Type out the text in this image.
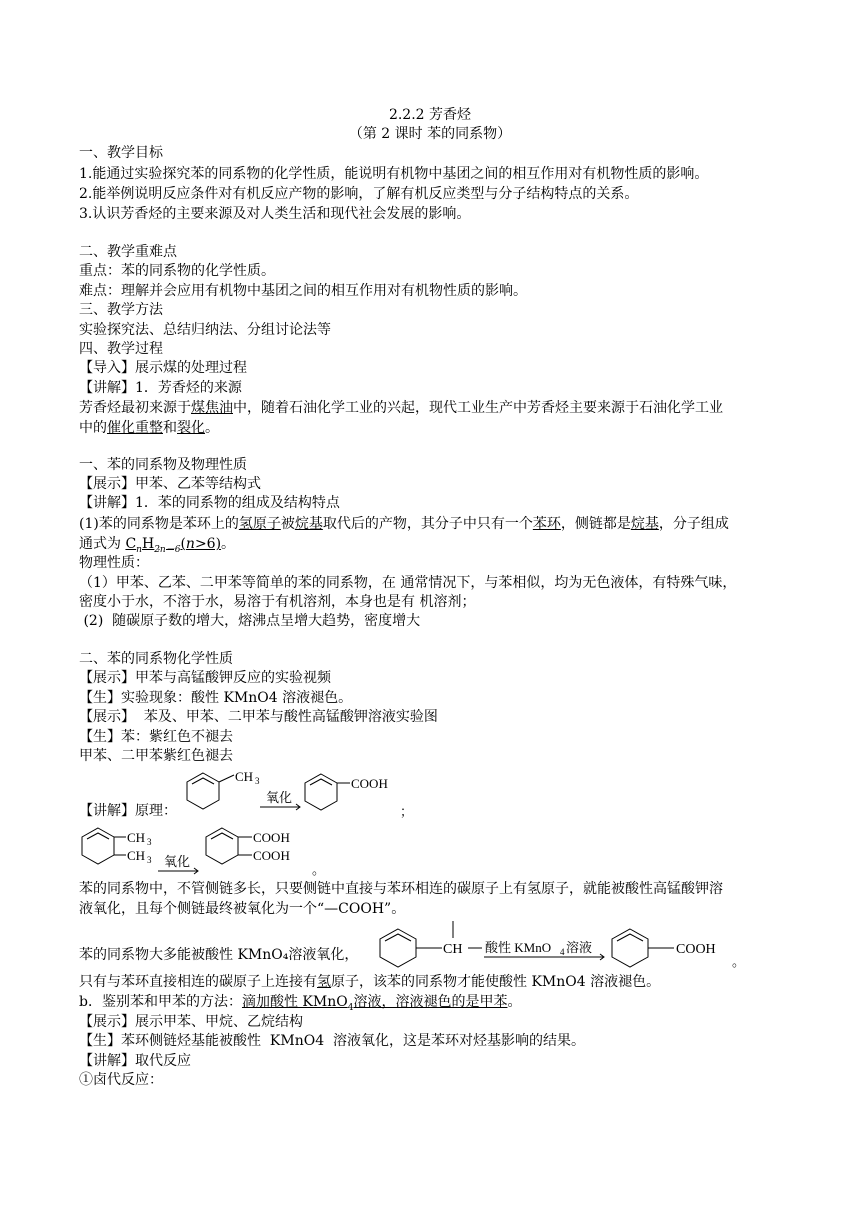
2.2.2 芳香烃
（第 2 课时 苯的同系物）
一、教学目标
1.能通过实验探究苯的同系物的化学性质，能说明有机物中基团之间的相互作用对有机物性质的影响。
2.能举例说明反应条件对有机反应产物的影响，了解有机反应类型与分子结构特点的关系。
3.认识芳香烃的主要来源及对人类生活和现代社会发展的影响。
二、教学重难点
重点：苯的同系物的化学性质。
难点：理解并会应用有机物中基团之间的相互作用对有机物性质的影响。
三、教学方法
实验探究法、总结归纳法、分组讨论法等
四、教学过程
【导入】展示煤的处理过程
【讲解】1．芳香烃的来源
芳香烃最初来源于煤焦油中，随着石油化学工业的兴起，现代工业生产中芳香烃主要来源于石油化学工业
中的催化重整和裂化。
一、苯的同系物及物理性质
【展示】甲苯、乙苯等结构式
【讲解】1．苯的同系物的组成及结构特点
(1)苯的同系物是苯环上的氢原子被烷基取代后的产物，其分子中只有一个苯环，侧链都是烷基，分子组成
通式为 $C_nH_{2n-6}(n>6)$。
物理性质：
（1）甲苯、乙苯、二甲苯等简单的苯的同系物，在 通常情况下，与苯相似，均为无色液体，有特殊气味，
密度小于水，不溶于水，易溶于有机溶剂，本身也是有 机溶剂；
(2)  随碳原子数的增大，熔沸点呈增大趋势，密度增大
二、苯的同系物化学性质
【展示】甲苯与高锰酸钾反应的实验视频
【生】实验现象：酸性 KMnO4 溶液褪色。
【展示】  苯及、甲苯、二甲苯与酸性高锰酸钾溶液实验图
【生】苯：紫红色不褪去
甲苯、二甲苯紫红色褪去
【讲解】原理：
CH 3
氧化
COOH
；
CH 3
CH 3 氧化
COOH
COOH
。
苯的同系物中，不管侧链多长，只要侧链中直接与苯环相连的碳原子上有氢原子，就能被酸性高锰酸钾溶
液氧化，且每个侧链最终被氧化为一个“—COOH”。
苯的同系物大多能被酸性 KMnO₄溶液氧化，	CH 酸性 KMnO 4 溶液	COOH
。
只有与苯环直接相连的碳原子上连接有氢原子，该苯的同系物才能使酸性 KMnO4 溶液褪色。
b．鉴别苯和甲苯的方法：滴加酸性 KMnO$_4$溶液，溶液褪色的是甲苯。
【展示】展示甲苯、甲烷、乙烷结构
【生】苯环侧链烃基能被酸性  KMnO4  溶液氧化，这是苯环对烃基影响的结果。
【讲解】取代反应
①卤代反应：
